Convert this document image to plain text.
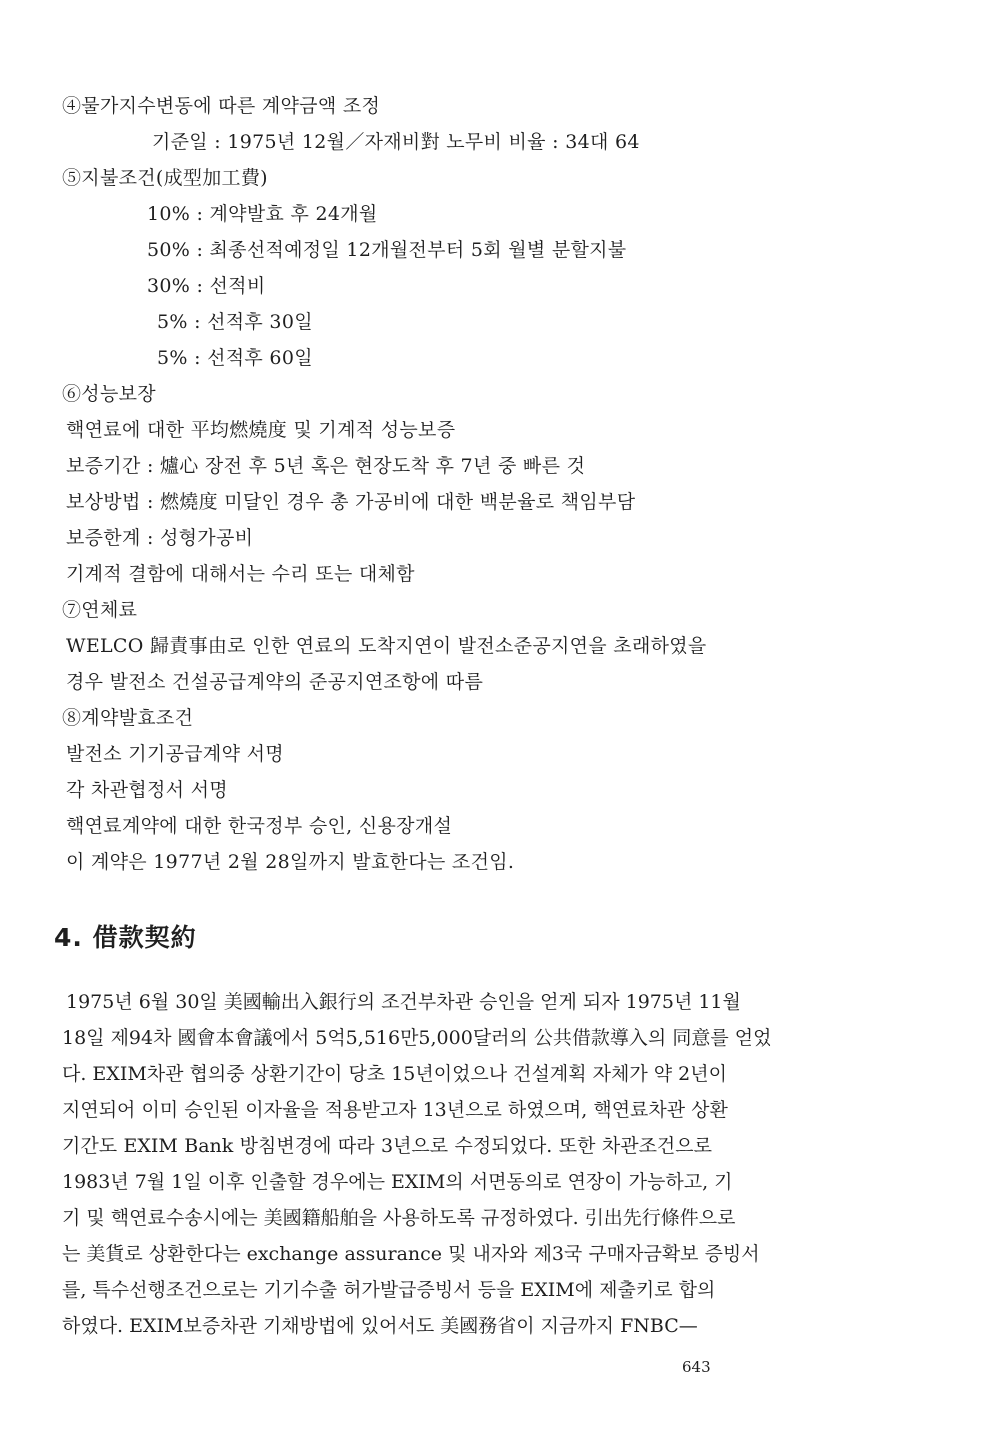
④물가지수변동에 따른 계약금액 조정
기준일 : 1975년 12월／자재비對 노무비 비율 : 34대 64
⑤지불조건(成型加工費)
10% : 계약발효 후 24개월
50% : 최종선적예정일 12개월전부터 5회 월별 분할지불
30% : 선적비
5% : 선적후 30일
5% : 선적후 60일
⑥성능보장
핵연료에 대한 平均燃燒度 및 기계적 성능보증
보증기간 : 爐心 장전 후 5년 혹은 현장도착 후 7년 중 빠른 것
보상방법 : 燃燒度 미달인 경우 총 가공비에 대한 백분율로 책임부담
보증한계 : 성형가공비
기계적 결함에 대해서는 수리 또는 대체함
⑦연체료
WELCO 歸責事由로 인한 연료의 도착지연이 발전소준공지연을 초래하였을
경우 발전소 건설공급계약의 준공지연조항에 따름
⑧계약발효조건
발전소 기기공급계약 서명
각 차관협정서 서명
핵연료계약에 대한 한국정부 승인, 신용장개설
이 계약은 1977년 2월 28일까지 발효한다는 조건임.
4. 借款契約
1975년 6월 30일 美國輸出入銀行의 조건부차관 승인을 얻게 되자 1975년 11월
18일 제94차 國會本會議에서 5억5,516만5,000달러의 公共借款導入의 同意를 얻었
다. EXIM차관 협의중 상환기간이 당초 15년이었으나 건설계획 자체가 약 2년이
지연되어 이미 승인된 이자율을 적용받고자 13년으로 하였으며, 핵연료차관 상환
기간도 EXIM Bank 방침변경에 따라 3년으로 수정되었다. 또한 차관조건으로
1983년 7월 1일 이후 인출할 경우에는 EXIM의 서면동의로 연장이 가능하고, 기
기 및 핵연료수송시에는 美國籍船舶을 사용하도록 규정하였다. 引出先行條件으로
는 美貨로 상환한다는 exchange assurance 및 내자와 제3국 구매자금확보 증빙서
를, 특수선행조건으로는 기기수출 허가발급증빙서 등을 EXIM에 제출키로 합의
하였다. EXIM보증차관 기채방법에 있어서도 美國務省이 지금까지 FNBC—
643
